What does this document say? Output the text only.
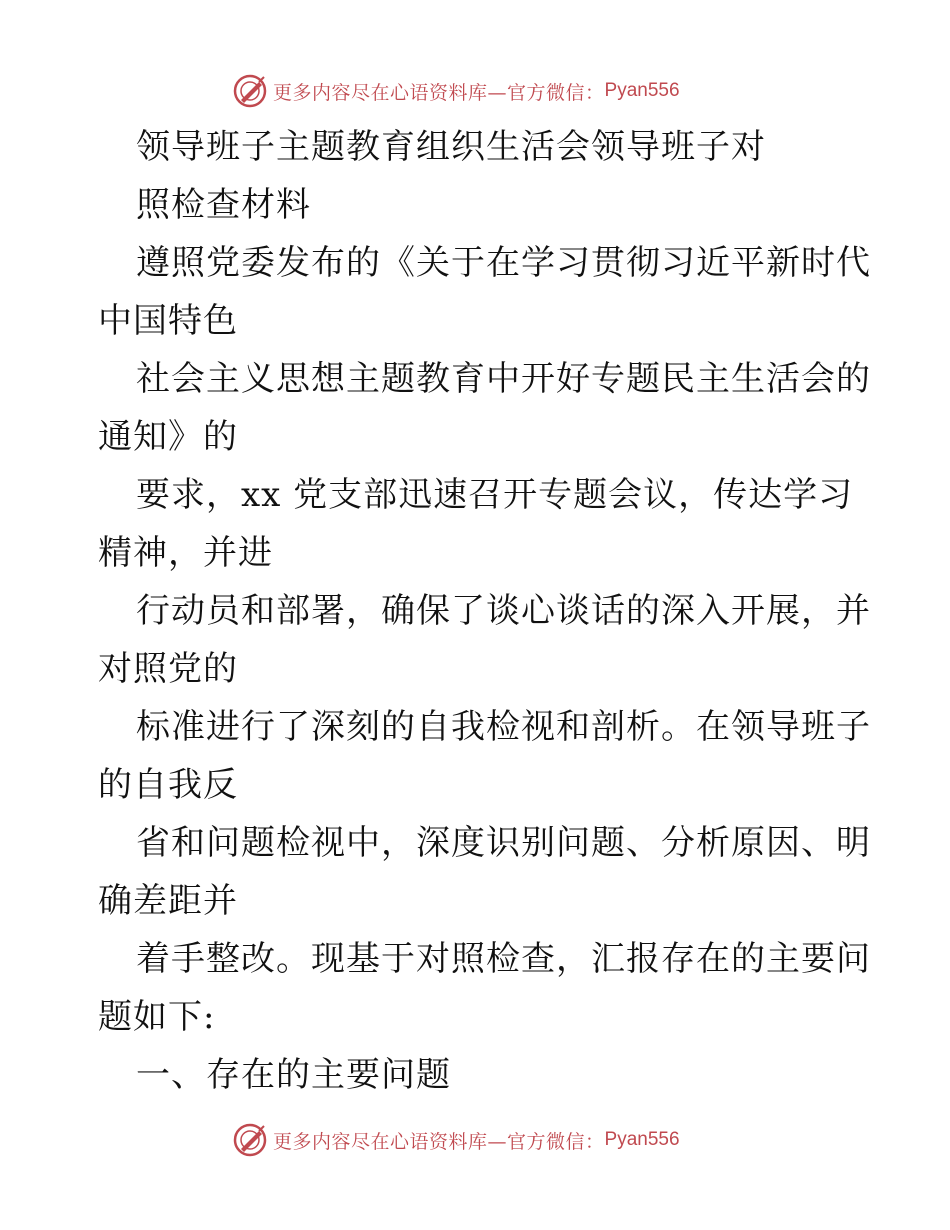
更多内容尽在心语资料库—官方微信： Pyan556
领导班子主题教育组织生活会领导班子对
照检查材料
遵照党委发布的《关于在学习贯彻习近平新时代
中国特色
社会主义思想主题教育中开好专题民主生活会的
通知》的
要求，xx 党支部迅速召开专题会议，传达学习
精神，并进
行动员和部署，确保了谈心谈话的深入开展，并
对照党的
标准进行了深刻的自我检视和剖析。在领导班子
的自我反
省和问题检视中，深度识别问题、分析原因、明
确差距并
着手整改。现基于对照检查，汇报存在的主要问
题如下:
一、存在的主要问题
更多内容尽在心语资料库—官方微信： Pyan556
